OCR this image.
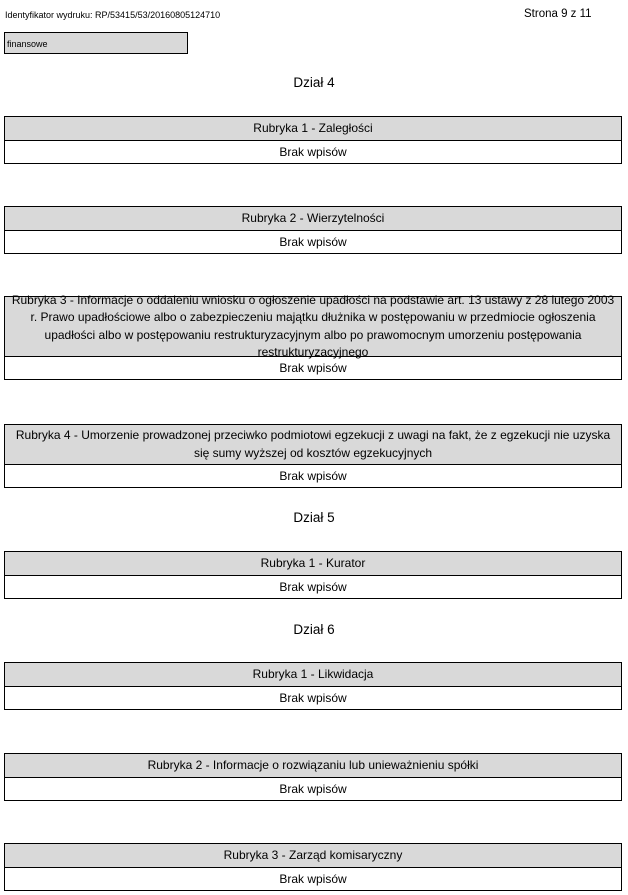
Identyfikator wydruku: RP/53415/53/20160805124710	Strona 9 z 11
finansowe
Dział 4
Rubryka 1 - Zaległości
Brak wpisów
Rubryka 2 - Wierzytelności
Brak wpisów
Rubryka 3 - Informacje o oddaleniu wniosku o ogłoszenie upadłości na podstawie art. 13 ustawy z 28 lutego 2003 r. Prawo upadłościowe albo o zabezpieczeniu majątku dłużnika w postępowaniu w przedmiocie ogłoszenia upadłości albo w postępowaniu restrukturyzacyjnym albo po prawomocnym umorzeniu postępowania restrukturyzacyjnego
Brak wpisów
Rubryka 4 - Umorzenie prowadzonej przeciwko podmiotowi egzekucji z uwagi na fakt, że z egzekucji nie uzyska się sumy wyższej od kosztów egzekucyjnych
Brak wpisów
Dział 5
Rubryka 1 - Kurator
Brak wpisów
Dział 6
Rubryka 1 - Likwidacja
Brak wpisów
Rubryka 2 - Informacje o rozwiązaniu lub unieważnieniu spółki
Brak wpisów
Rubryka 3 - Zarząd komisaryczny
Brak wpisów
